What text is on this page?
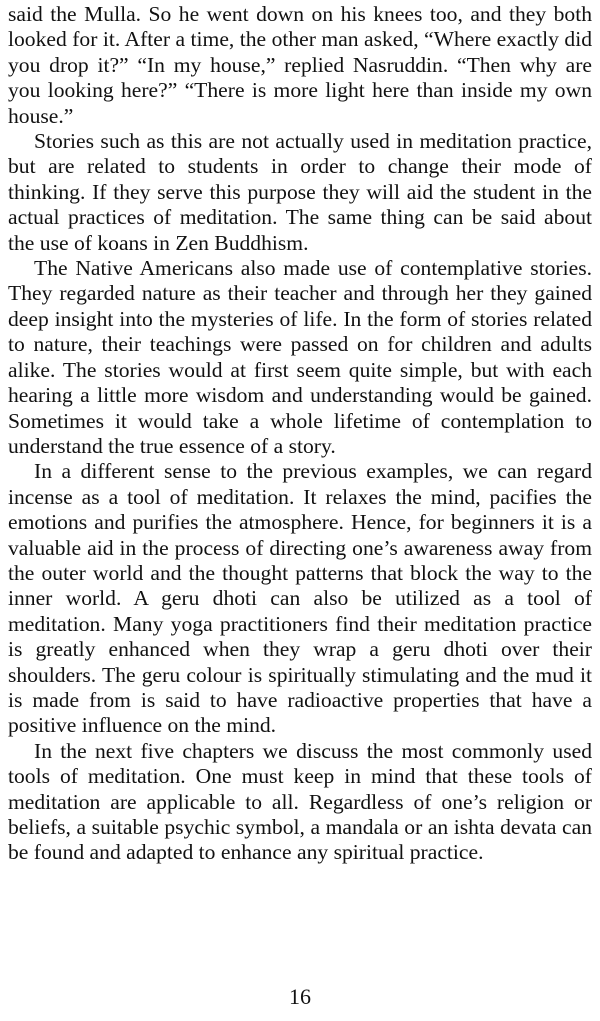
said the Mulla. So he went down on his knees too, and they both looked for it. After a time, the other man asked, “Where exactly did you drop it?” “In my house,” replied Nasruddin. “Then why are you looking here?” “There is more light here than inside my own house.”

Stories such as this are not actually used in meditation practice, but are related to students in order to change their mode of thinking. If they serve this purpose they will aid the student in the actual practices of meditation. The same thing can be said about the use of koans in Zen Buddhism.

The Native Americans also made use of contemplative stories. They regarded nature as their teacher and through her they gained deep insight into the mysteries of life. In the form of stories related to nature, their teachings were passed on for children and adults alike. The stories would at first seem quite simple, but with each hearing a little more wisdom and understanding would be gained. Sometimes it would take a whole lifetime of contemplation to understand the true essence of a story.

In a different sense to the previous examples, we can regard incense as a tool of meditation. It relaxes the mind, pacifies the emotions and purifies the atmosphere. Hence, for beginners it is a valuable aid in the process of directing one’s awareness away from the outer world and the thought patterns that block the way to the inner world. A geru dhoti can also be utilized as a tool of meditation. Many yoga practitioners find their meditation practice is greatly enhanced when they wrap a geru dhoti over their shoulders. The geru colour is spiritually stimulating and the mud it is made from is said to have radioactive properties that have a positive influence on the mind.

In the next five chapters we discuss the most commonly used tools of meditation. One must keep in mind that these tools of meditation are applicable to all. Regardless of one’s religion or beliefs, a suitable psychic symbol, a mandala or an ishta devata can be found and adapted to enhance any spiritual practice.

16
